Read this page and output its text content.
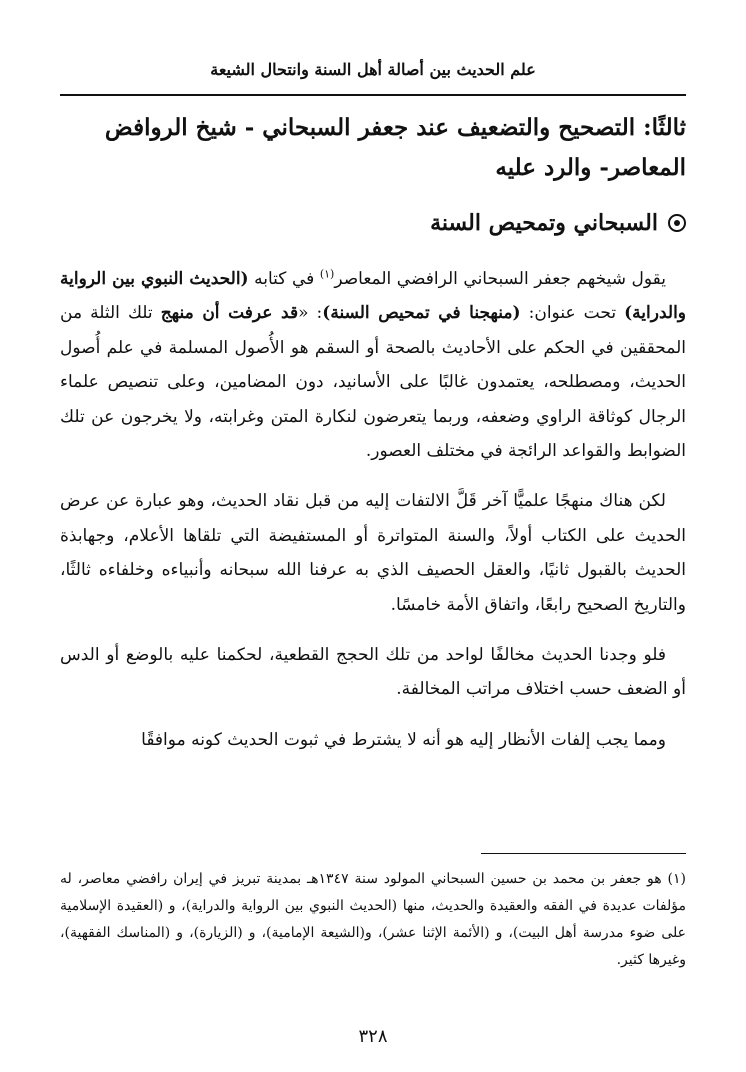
علم الحديث بين أصالة أهل السنة وانتحال الشيعة
ثالثًا: التصحيح والتضعيف عند جعفر السبحاني - شيخ الروافض المعاصر- والرد عليه
السبحاني وتمحيص السنة

يقول شيخهم جعفر السبحاني الرافضي المعاصر$^{(١)}$ في كتابه (الحديث النبوي بين الرواية والدراية) تحت عنوان: (منهجنا في تمحيص السنة): «قد عرفت أن منهج تلك الثلة من المحققين في الحكم على الأحاديث بالصحة أو السقم هو الأُصول المسلمة في علم أُصول الحديث، ومصطلحه، يعتمدون غالبًا على الأسانيد، دون المضامين، وعلى تنصيص علماء الرجال كوثاقة الراوي وضعفه، وربما يتعرضون لنكارة المتن وغرابته، ولا يخرجون عن تلك الضوابط والقواعد الرائجة في مختلف العصور.

لكن هناك منهجًا علميًّا آخر قَلَّ الالتفات إليه من قبل نقاد الحديث، وهو عبارة عن عرض الحديث على الكتاب أولاً، والسنة المتواترة أو المستفيضة التي تلقاها الأعلام، وجهابذة الحديث بالقبول ثانيًا، والعقل الحصيف الذي به عرفنا الله سبحانه وأنبياءه وخلفاءه ثالثًا، والتاريخ الصحيح رابعًا، واتفاق الأمة خامسًا.

فلو وجدنا الحديث مخالفًا لواحد من تلك الحجج القطعية، لحكمنا عليه بالوضع أو الدس أو الضعف حسب اختلاف مراتب المخالفة.

ومما يجب إلفات الأنظار إليه هو أنه لا يشترط في ثبوت الحديث كونه موافقًا

(١) هو جعفر بن محمد بن حسين السبحاني المولود سنة ١٣٤٧هـ بمدينة تبريز في إيران رافضي معاصر، له مؤلفات عديدة في الفقه والعقيدة والحديث، منها (الحديث النبوي بين الرواية والدراية)، و (العقيدة الإسلامية على ضوء مدرسة أهل البيت)، و (الأئمة الإثنا عشر)، و(الشيعة الإمامية)، و (الزيارة)، و (المناسك الفقهية)، وغيرها كثير.

٣٢٨
